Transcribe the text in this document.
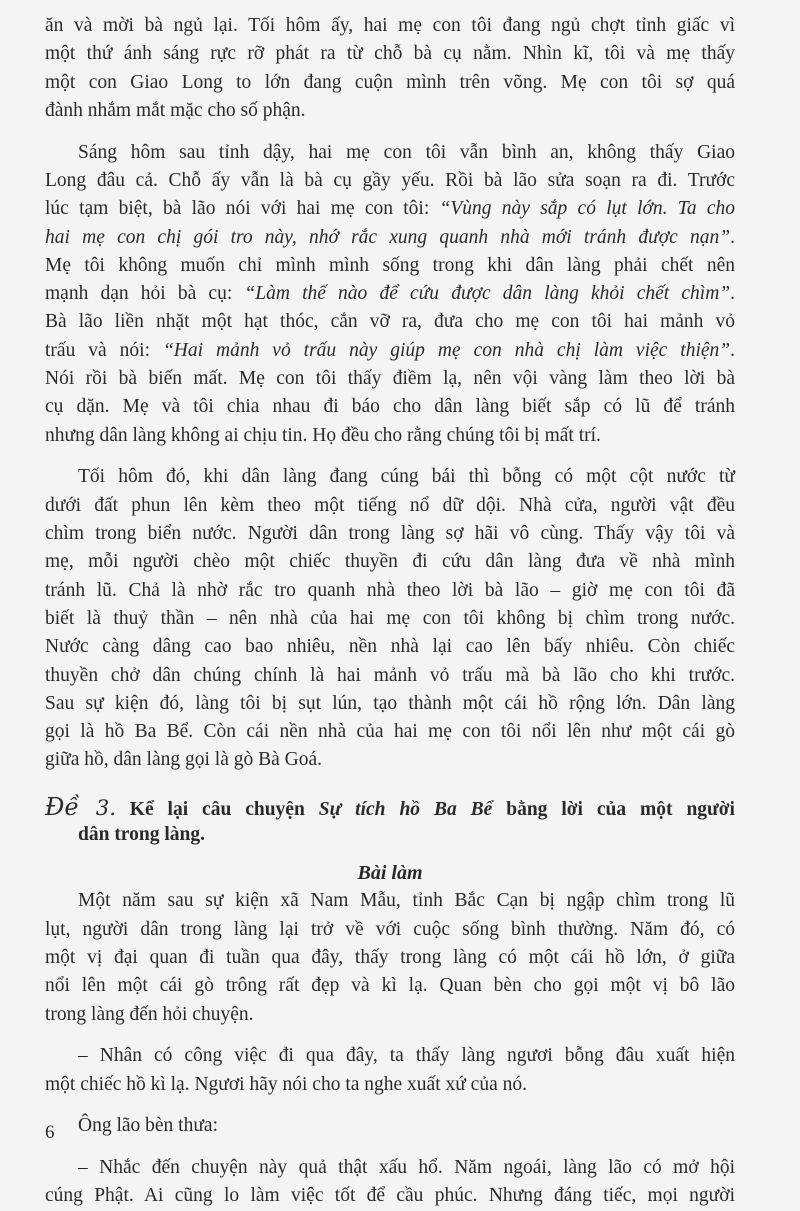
ăn và mời bà ngủ lại. Tối hôm ấy, hai mẹ con tôi đang ngủ chợt tỉnh giấc vì
một thứ ánh sáng rực rỡ phát ra từ chỗ bà cụ nằm. Nhìn kĩ, tôi và mẹ thấy
một con Giao Long to lớn đang cuộn mình trên võng. Mẹ con tôi sợ quá
đành nhắm mắt mặc cho số phận.
Sáng hôm sau tỉnh dậy, hai mẹ con tôi vẫn bình an, không thấy Giao
Long đâu cả. Chỗ ấy vẫn là bà cụ gầy yếu. Rồi bà lão sửa soạn ra đi. Trước
lúc tạm biệt, bà lão nói với hai mẹ con tôi: “Vùng này sắp có lụt lớn. Ta cho
hai mẹ con chị gói tro này, nhớ rắc xung quanh nhà mới tránh được nạn”.
Mẹ tôi không muốn chỉ mình mình sống trong khi dân làng phải chết nên
mạnh dạn hỏi bà cụ: “Làm thế nào để cứu được dân làng khỏi chết chìm”.
Bà lão liền nhặt một hạt thóc, cắn vỡ ra, đưa cho mẹ con tôi hai mảnh vỏ
trấu và nói: “Hai mảnh vỏ trấu này giúp mẹ con nhà chị làm việc thiện”.
Nói rồi bà biến mất. Mẹ con tôi thấy điềm lạ, nên vội vàng làm theo lời bà
cụ dặn. Mẹ và tôi chia nhau đi báo cho dân làng biết sắp có lũ để tránh
nhưng dân làng không ai chịu tin. Họ đều cho rằng chúng tôi bị mất trí.
Tối hôm đó, khi dân làng đang cúng bái thì bỗng có một cột nước từ
dưới đất phun lên kèm theo một tiếng nổ dữ dội. Nhà cửa, người vật đều
chìm trong biển nước. Người dân trong làng sợ hãi vô cùng. Thấy vậy tôi và
mẹ, mỗi người chèo một chiếc thuyền đi cứu dân làng đưa về nhà mình
tránh lũ. Chả là nhờ rắc tro quanh nhà theo lời bà lão – giờ mẹ con tôi đã
biết là thuỷ thần – nên nhà của hai mẹ con tôi không bị chìm trong nước.
Nước càng dâng cao bao nhiêu, nền nhà lại cao lên bấy nhiêu. Còn chiếc
thuyền chở dân chúng chính là hai mảnh vỏ trấu mà bà lão cho khi trước.
Sau sự kiện đó, làng tôi bị sụt lún, tạo thành một cái hồ rộng lớn. Dân làng
gọi là hồ Ba Bể. Còn cái nền nhà của hai mẹ con tôi nổi lên như một cái gò
giữa hồ, dân làng gọi là gò Bà Goá.
Đề 3. Kể lại câu chuyện Sự tích hồ Ba Bể bằng lời của một người
dân trong làng.
Bài làm
Một năm sau sự kiện xã Nam Mẫu, tỉnh Bắc Cạn bị ngập chìm trong lũ
lụt, người dân trong làng lại trở về với cuộc sống bình thường. Năm đó, có
một vị đại quan đi tuần qua đây, thấy trong làng có một cái hồ lớn, ở giữa
nổi lên một cái gò trông rất đẹp và kì lạ. Quan bèn cho gọi một vị bô lão
trong làng đến hỏi chuyện.
– Nhân có công việc đi qua đây, ta thấy làng ngươi bỗng đâu xuất hiện
một chiếc hồ kì lạ. Ngươi hãy nói cho ta nghe xuất xứ của nó.
Ông lão bèn thưa:
– Nhắc đến chuyện này quả thật xấu hổ. Năm ngoái, làng lão có mở hội
cúng Phật. Ai cũng lo làm việc tốt để cầu phúc. Nhưng đáng tiếc, mọi người
6
